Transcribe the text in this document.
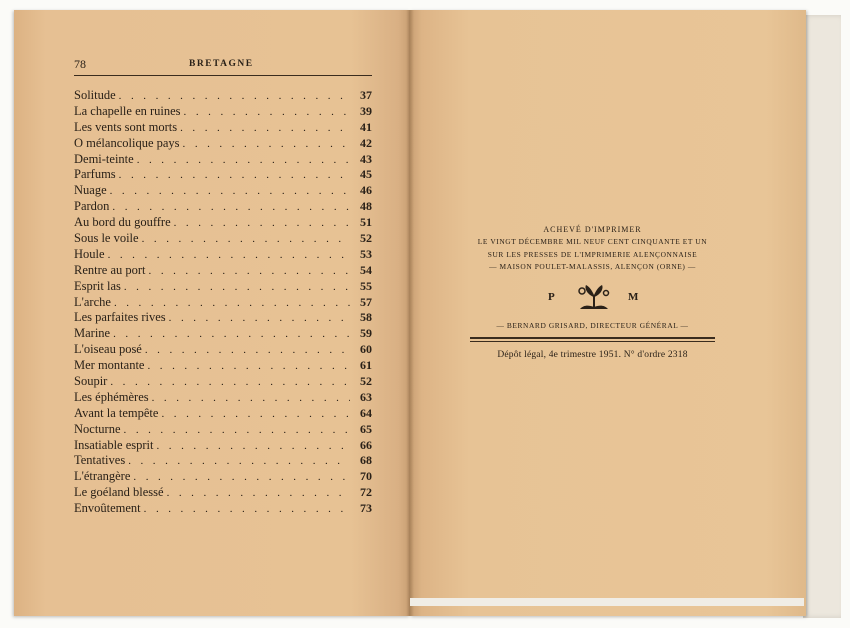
78	BRETAGNE
Solitude . . .	37
La chapelle en ruines . . .	39
Les vents sont morts . . .	41
O mélancolique pays . . .	42
Demi-teinte . . .	43
Parfums . . .	45
Nuage . . .	46
Pardon . . .	48
Au bord du gouffre . . .	51
Sous le voile . . .	52
Houle . . .	53
Rentre au port . . .	54
Esprit las . . .	55
L'arche . . .	57
Les parfaites rives . . .	58
Marine . . .	59
L'oiseau posé . . .	60
Mer montante . . .	61
Soupir . . .	52
Les éphémères . . .	63
Avant la tempête . . .	64
Nocturne . . .	65
Insatiable esprit . . .	66
Tentatives . . .	68
L'étrangère . . .	70
Le goéland blessé . . .	72
Envoûtement . . .	73
ACHEVÉ D'IMPRIMER
LE VINGT DÉCEMBRE MIL NEUF CENT CINQUANTE ET UN
SUR LES PRESSES DE L'IMPRIMERIE ALENÇONNAISE
— MAISON POULET-MALASSIS, ALENÇON (ORNE) —
P	M
— BERNARD GRISARD, DIRECTEUR GÉNÉRAL —
Dépôt légal, 4e trimestre 1951. N° d'ordre 2318
